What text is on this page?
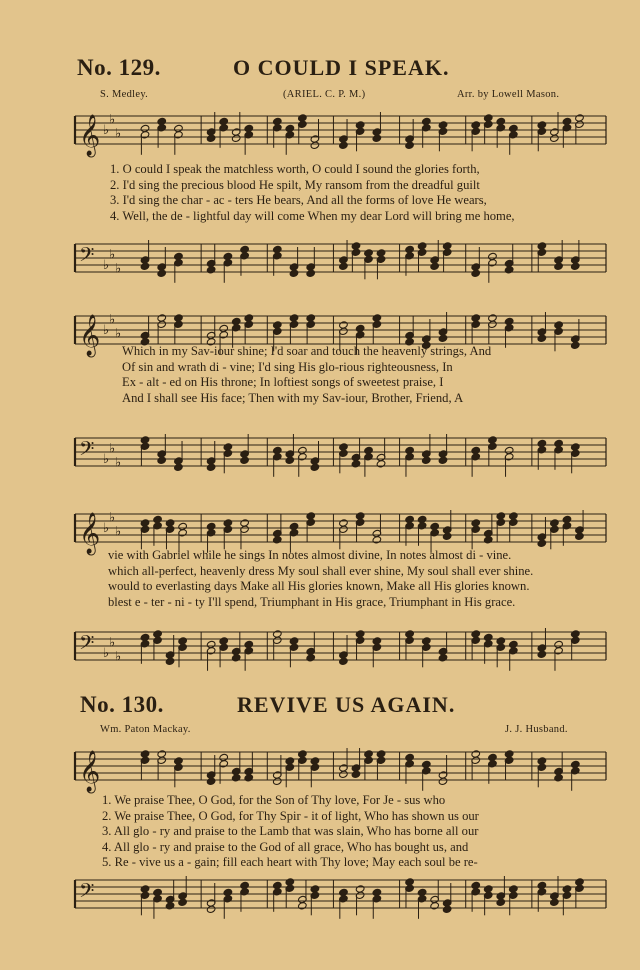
No. 129.	O COULD I SPEAK.
S. Medley.	(ARIEL. C. P. M.)	Arr. by Lowell Mason.
𝄞 ♭
♭
♭
1. O could I speak the matchless worth, O could I sound the glories forth,
2. I'd sing the precious blood He spilt, My ransom from the dreadful guilt
3. I'd sing the char - ac - ters He bears, And all the forms of love He wears,
4. Well, the de - lightful day will come When my dear Lord will bring me home,
𝄢 ♭
♭
♭
𝄞 ♭
♭
♭
Which in my Sav-iour shine; I'd soar and touch the heavenly strings, And
Of sin and wrath di - vine; I'd sing His glo-rious righteousness, In
Ex - alt - ed on His throne; In loftiest songs of sweetest praise, I
And I shall see His face; Then with my Sav-iour, Brother, Friend, A
𝄢 ♭
♭
♭
𝄞 ♭
♭
♭
vie with Gabriel while he sings In notes almost divine, In notes almost di - vine.
which all-perfect, heavenly dress My soul shall ever shine, My soul shall ever shine.
would to everlasting days Make all His glories known, Make all His glories known.
blest e - ter - ni - ty I'll spend, Triumphant in His grace, Triumphant in His grace.
𝄢 ♭
♭
♭
No. 130.	REVIVE US AGAIN.
Wm. Paton Mackay.	J. J. Husband.
𝄞
1. We praise Thee, O God, for the Son of Thy love, For Je - sus who
2. We praise Thee, O God, for Thy Spir - it of light, Who has shown us our
3. All glo - ry and praise to the Lamb that was slain, Who has borne all our
4. All glo - ry and praise to the God of all grace, Who has bought us, and
5. Re - vive us a - gain; fill each heart with Thy love; May each soul be re-
𝄢
